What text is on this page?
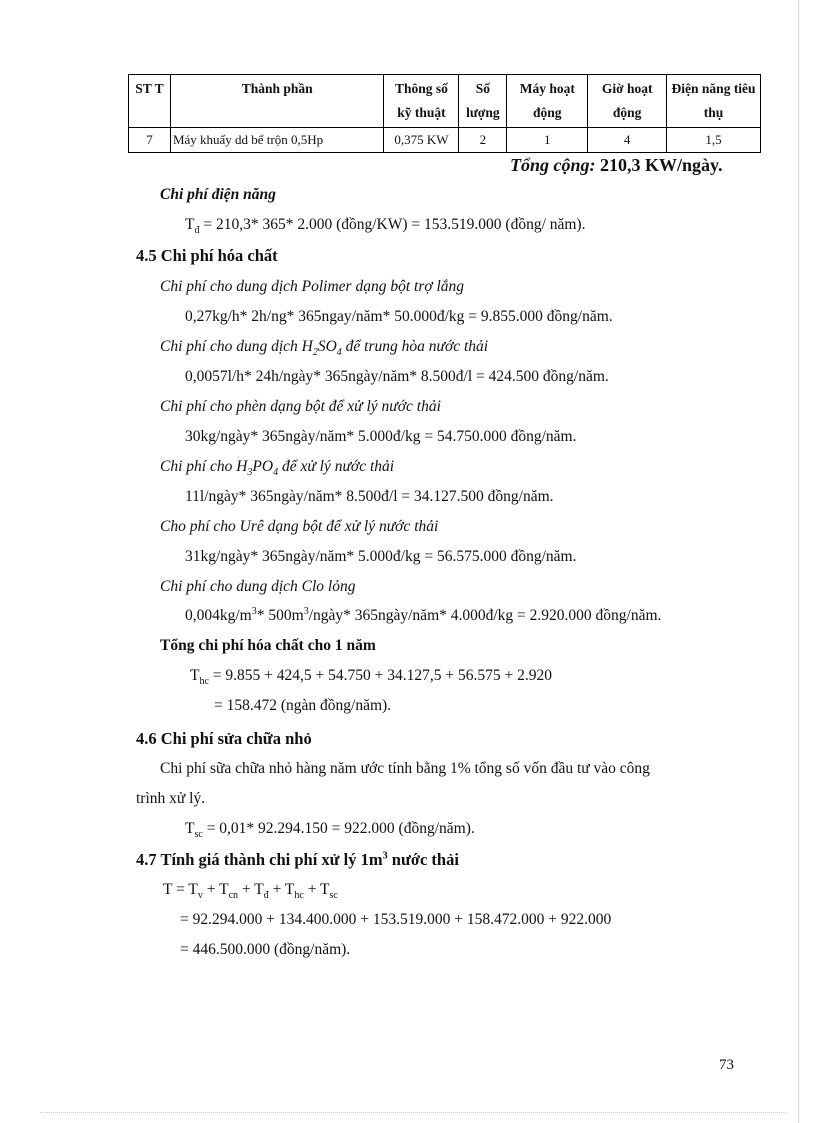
ST T	Thành phần	Thông số kỹ thuật	Số lượng	Máy hoạt động	Giờ hoạt động	Điện năng tiêu thụ
7	Máy khuấy dd bể trộn 0,5Hp	0,375 KW	2	1	4	1,5
Tổng cộng: 210,3 KW/ngày.
Chi phí điện năng
$T_đ = 210,3*$ 365* 2.000 (đồng/KW) = 153.519.000 (đồng/ năm).
4.5 Chi phí hóa chất
Chi phí cho dung dịch Polimer dạng bột trợ lắng
0,27kg/h* 2h/ng* 365ngay/năm* 50.000đ/kg = 9.855.000 đồng/năm.
Chi phí cho dung dịch $H_2SO_4$ để trung hòa nước thải
0,0057l/h* 24h/ngày* 365ngày/năm* 8.500đ/l = 424.500 đồng/năm.
Chi phí cho phèn dạng bột để xử lý nước thải
30kg/ngày* 365ngày/năm* 5.000đ/kg = 54.750.000 đồng/năm.
Chi phí cho $H_3PO_4$ để xử lý nước thải
11l/ngày* 365ngày/năm* 8.500đ/l = 34.127.500 đồng/năm.
Cho phí cho Urê dạng bột để xử lý nước thải
31kg/ngày* 365ngày/năm* 5.000đ/kg = 56.575.000 đồng/năm.
Chi phí cho dung dịch Clo lỏng
$0,004kg/m^3*$ $500m^3/ngày*$ 365ngày/năm* 4.000đ/kg = 2.920.000 đồng/năm.
Tổng chi phí hóa chất cho 1 năm
$T_{hc} = 9.855 + 424,5 + 54.750 + 34.127,5 + 56.575 + 2.920$
= 158.472 (ngàn đồng/năm).
4.6 Chi phí sửa chữa nhỏ
Chi phí sữa chữa nhỏ hàng năm ước tính bằng 1% tổng số vốn đầu tư vào công
trình xử lý.
$T_{sc} = 0,01*$ 92.294.150 = 922.000 (đồng/năm).
4.7 Tính giá thành chi phí xử lý $1m^3$ nước thải
$T = T_v + T_{cn} + T_đ + T_{hc} + T_{sc}$
= 92.294.000 + 134.400.000 + 153.519.000 + 158.472.000 + 922.000
= 446.500.000 (đồng/năm).
73
